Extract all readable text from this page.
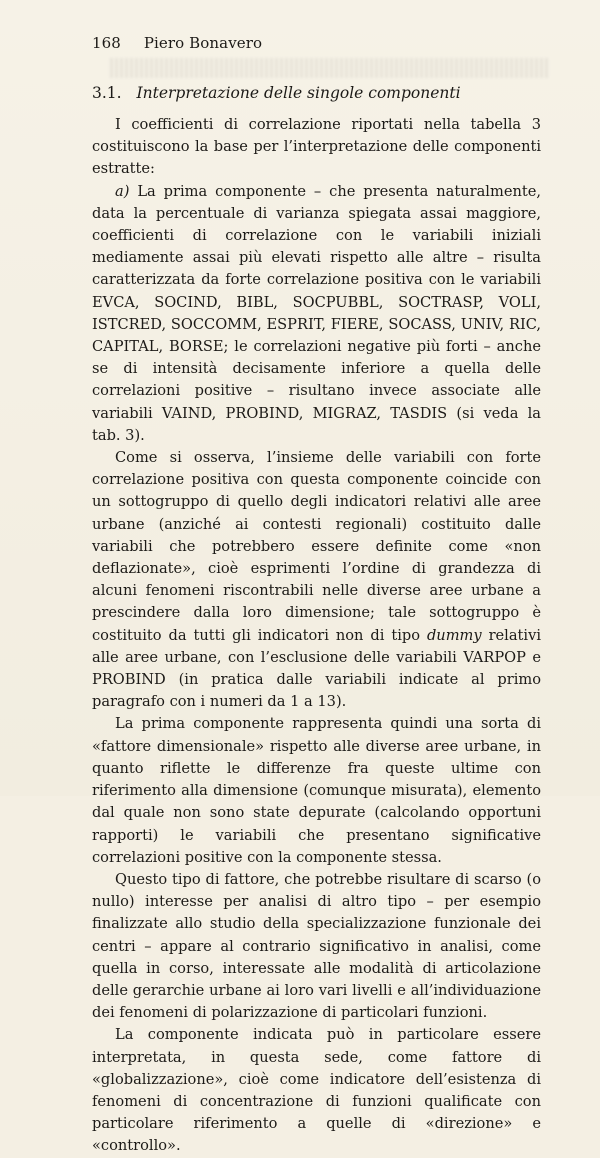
168 Piero Bonavero
3.1. Interpretazione delle singole componenti

I coefficienti di correlazione riportati nella tabella 3 costituiscono la base per l’interpretazione delle componenti estratte:

a) La prima componente – che presenta naturalmente, data la percentuale di varianza spiegata assai maggiore, coefficienti di correlazione con le variabili iniziali mediamente assai più elevati rispetto alle altre – risulta caratterizzata da forte correlazione positiva con le variabili EVCA, SOCIND, BIBL, SOCPUBBL, SOCTRASP, VOLI, ISTCRED, SOCCOMM, ESPRIT, FIERE, SOCASS, UNIV, RIC, CAPITAL, BORSE; le correlazioni negative più forti – anche se di intensità decisamente inferiore a quella delle correlazioni positive – risultano invece associate alle variabili VAIND, PROBIND, MIGRAZ, TASDIS (si veda la tab. 3).

Come si osserva, l’insieme delle variabili con forte correlazione positiva con questa componente coincide con un sottogruppo di quello degli indicatori relativi alle aree urbane (anziché ai contesti regionali) costituito dalle variabili che potrebbero essere definite come «non deflazionate», cioè esprimenti l’ordine di grandezza di alcuni fenomeni riscontrabili nelle diverse aree urbane a prescindere dalla loro dimensione; tale sottogruppo è costituito da tutti gli indicatori non di tipo dummy relativi alle aree urbane, con l’esclusione delle variabili VARPOP e PROBIND (in pratica dalle variabili indicate al primo paragrafo con i numeri da 1 a 13).

La prima componente rappresenta quindi una sorta di «fattore dimensionale» rispetto alle diverse aree urbane, in quanto riflette le differenze fra queste ultime con riferimento alla dimensione (comunque misurata), elemento dal quale non sono state depurate (calcolando opportuni rapporti) le variabili che presentano significative correlazioni positive con la componente stessa.

Questo tipo di fattore, che potrebbe risultare di scarso (o nullo) interesse per analisi di altro tipo – per esempio finalizzate allo studio della specializzazione funzionale dei centri – appare al contrario significativo in analisi, come quella in corso, interessate alle modalità di articolazione delle gerarchie urbane ai loro vari livelli e all’individuazione dei fenomeni di polarizzazione di particolari funzioni.

La componente indicata può in particolare essere interpretata, in questa sede, come fattore di «globalizzazione», cioè come indicatore dell’esistenza di fenomeni di concentrazione di funzioni qualificate con particolare riferimento a quelle di «direzione» e «controllo».
